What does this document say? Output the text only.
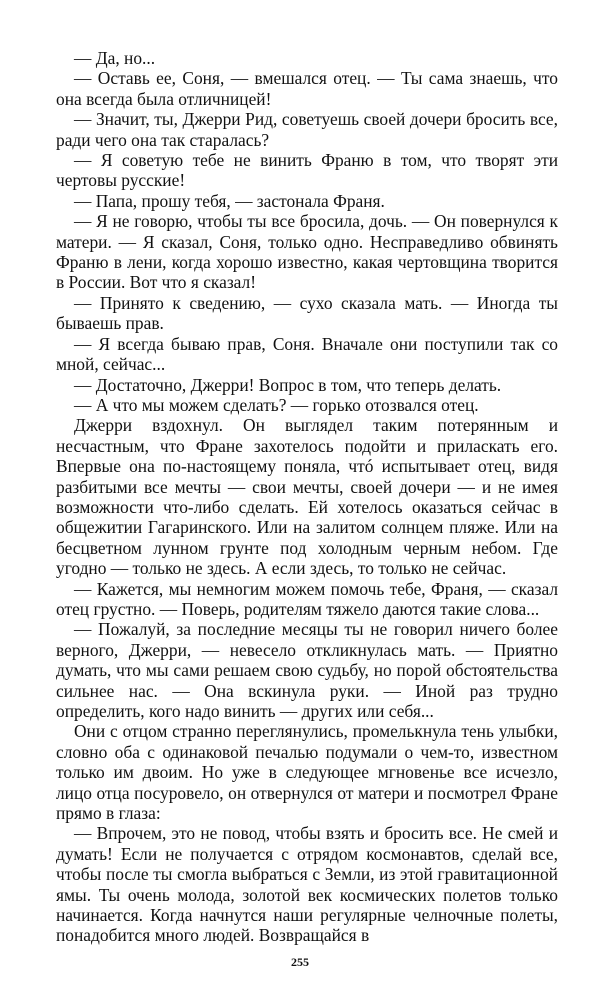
— Да, но...

— Оставь ее, Соня, — вмешался отец. — Ты сама знаешь, что она всегда была отличницей!

— Значит, ты, Джерри Рид, советуешь своей дочери бросить все, ради чего она так старалась?

— Я советую тебе не винить Франю в том, что творят эти чертовы русские!

— Папа, прошу тебя, — застонала Франя.

— Я не говорю, чтобы ты все бросила, дочь. — Он повернулся к матери. — Я сказал, Соня, только одно. Несправедливо обвинять Франю в лени, когда хорошо известно, какая чертовщина творится в России. Вот что я сказал!

— Принято к сведению, — сухо сказала мать. — Иногда ты бываешь прав.

— Я всегда бываю прав, Соня. Вначале они поступили так со мной, сейчас...

— Достаточно, Джерри! Вопрос в том, что теперь делать.

— А что мы можем сделать? — горько отозвался отец.

Джерри вздохнул. Он выглядел таким потерянным и несчастным, что Фране захотелось подойти и приласкать его. Впервые она по-настоящему поняла, чтó испытывает отец, видя разбитыми все мечты — свои мечты, своей дочери — и не имея возможности что-либо сделать. Ей хотелось оказаться сейчас в общежитии Гагаринского. Или на залитом солнцем пляже. Или на бесцветном лунном грунте под холодным черным небом. Где угодно — только не здесь. А если здесь, то только не сейчас.

— Кажется, мы немногим можем помочь тебе, Франя, — сказал отец грустно. — Поверь, родителям тяжело даются такие слова...

— Пожалуй, за последние месяцы ты не говорил ничего более верного, Джерри, — невесело откликнулась мать. — Приятно думать, что мы сами решаем свою судьбу, но порой обстоятельства сильнее нас. — Она вскинула руки. — Иной раз трудно определить, кого надо винить — других или себя...

Они с отцом странно переглянулись, промелькнула тень улыбки, словно оба с одинаковой печалью подумали о чем-то, известном только им двоим. Но уже в следующее мгновенье все исчезло, лицо отца посуровело, он отвернулся от матери и посмотрел Фране прямо в глаза:

— Впрочем, это не повод, чтобы взять и бросить все. Не смей и думать! Если не получается с отрядом космонавтов, сделай все, чтобы после ты смогла выбраться с Земли, из этой гравитационной ямы. Ты очень молода, золотой век космических полетов только начинается. Когда начнутся наши регулярные челночные полеты, понадобится много людей. Возвращайся в

255
